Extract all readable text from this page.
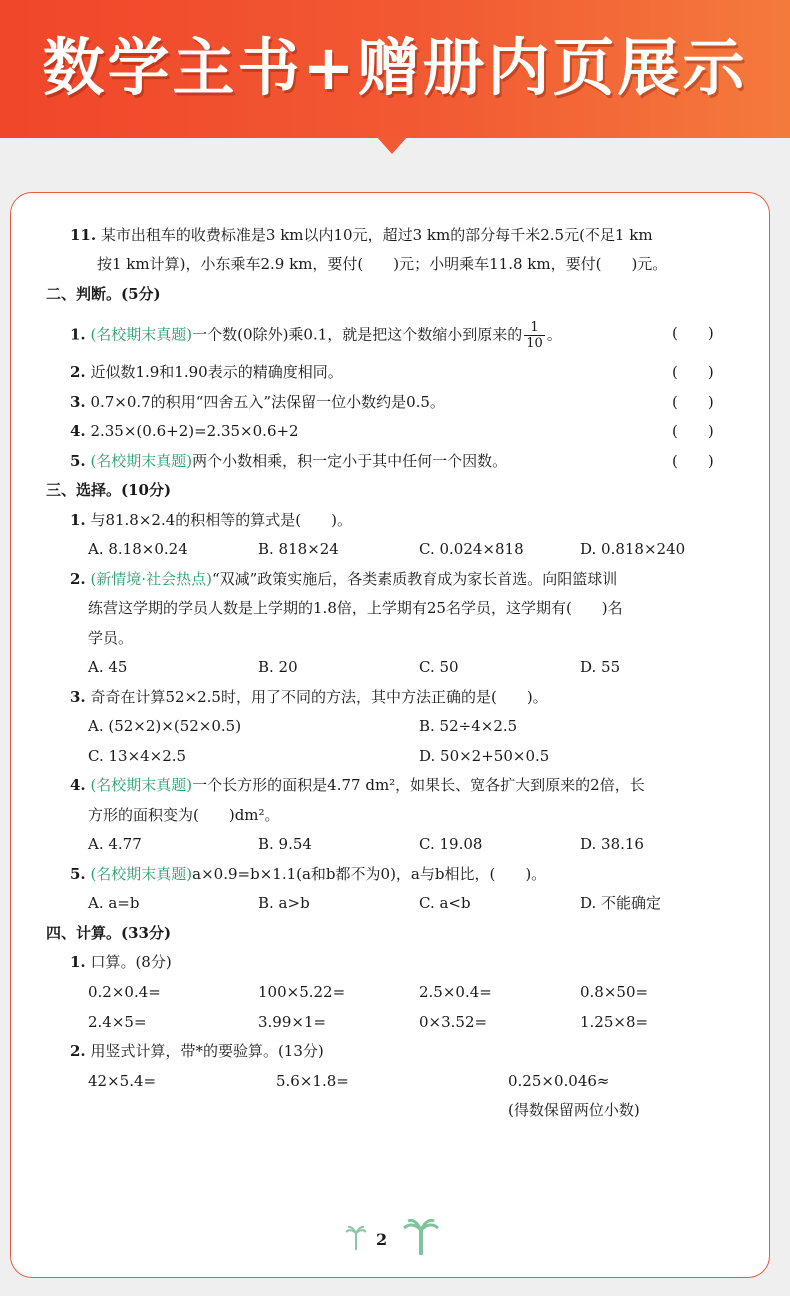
数学主书+赠册内页展示
11. 某市出租车的收费标准是3 km以内10元，超过3 km的部分每千米2.5元(不足1 km
按1 km计算)，小东乘车2.9 km，要付(　　)元；小明乘车11.8 km，要付(　　)元。
二、判断。(5分)
1. (名校期末真题)一个数(0除外)乘0.1，就是把这个数缩小到原来的 $\frac{1}{10}$ 。	(　　)
2. 近似数1.9和1.90表示的精确度相同。	(　　)
3. 0.7×0.7的积用“四舍五入”法保留一位小数约是0.5。	(　　)
4. 2.35×(0.6+2)=2.35×0.6+2	(　　)
5. (名校期末真题)两个小数相乘，积一定小于其中任何一个因数。	(　　)
三、选择。(10分)
1. 与81.8×2.4的积相等的算式是(　　)。
A. 8.18×0.24	B. 818×24	C. 0.024×818	D. 0.818×240
2. (新情境·社会热点)“双减”政策实施后，各类素质教育成为家长首选。向阳篮球训
练营这学期的学员人数是上学期的1.8倍，上学期有25名学员，这学期有(　　)名
学员。
A. 45	B. 20	C. 50	D. 55
3. 奇奇在计算52×2.5时，用了不同的方法，其中方法正确的是(　　)。
A. (52×2)×(52×0.5)	B. 52÷4×2.5
C. 13×4×2.5	D. 50×2+50×0.5
4. (名校期末真题)一个长方形的面积是4.77 dm²，如果长、宽各扩大到原来的2倍，长
方形的面积变为(　　)dm²。
A. 4.77	B. 9.54	C. 19.08	D. 38.16
5. (名校期末真题)a×0.9=b×1.1(a和b都不为0)，a与b相比，(　　)。
A. a=b	B. a>b	C. a<b	D. 不能确定
四、计算。(33分)
1. 口算。(8分)
0.2×0.4=	100×5.22=	2.5×0.4=	0.8×50=
2.4×5=	3.99×1=	0×3.52=	1.25×8=
2. 用竖式计算，带*的要验算。(13分)
42×5.4=	5.6×1.8=	0.25×0.046≈
(得数保留两位小数)
2
